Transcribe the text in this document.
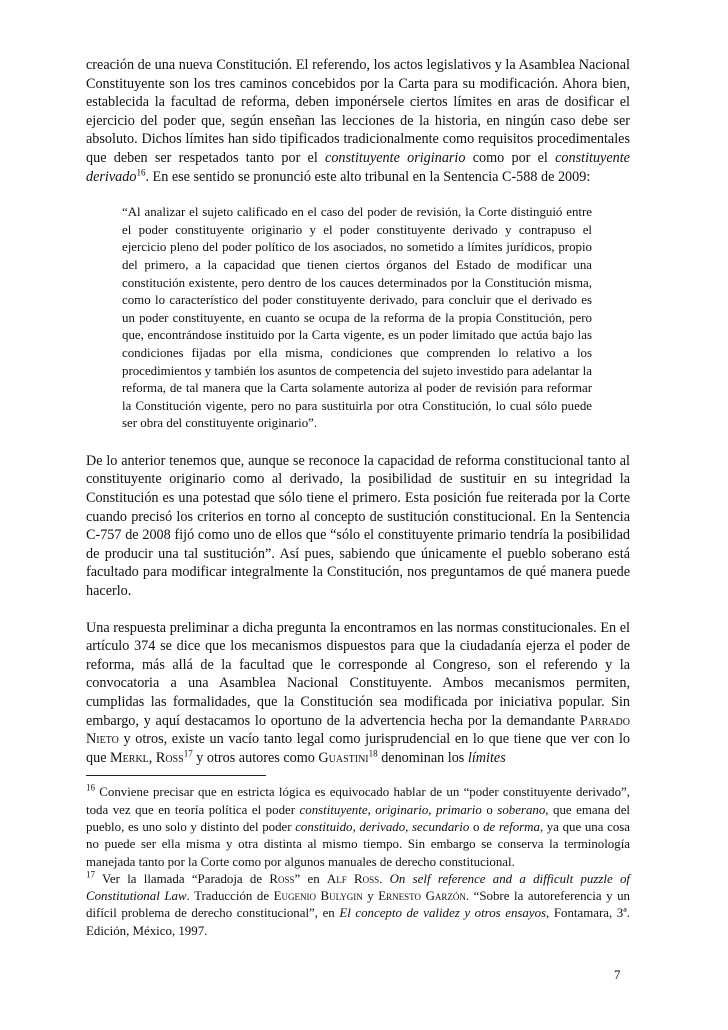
creación de una nueva Constitución. El referendo, los actos legislativos y la Asamblea Nacional Constituyente son los tres caminos concebidos por la Carta para su modificación. Ahora bien, establecida la facultad de reforma, deben imponérsele ciertos límites en aras de dosificar el ejercicio del poder que, según enseñan las lecciones de la historia, en ningún caso debe ser absoluto. Dichos límites han sido tipificados tradicionalmente como requisitos procedimentales que deben ser respetados tanto por el constituyente originario como por el constituyente derivado$^{16}$. En ese sentido se pronunció este alto tribunal en la Sentencia C-588 de 2009:

“Al analizar el sujeto calificado en el caso del poder de revisión, la Corte distinguió entre el poder constituyente originario y el poder constituyente derivado y contrapuso el ejercicio pleno del poder político de los asociados, no sometido a límites jurídicos, propio del primero, a la capacidad que tienen ciertos órganos del Estado de modificar una constitución existente, pero dentro de los cauces determinados por la Constitución misma, como lo característico del poder constituyente derivado, para concluir que el derivado es un poder constituyente, en cuanto se ocupa de la reforma de la propia Constitución, pero que, encontrándose instituido por la Carta vigente, es un poder limitado que actúa bajo las condiciones fijadas por ella misma, condiciones que comprenden lo relativo a los procedimientos y también los asuntos de competencia del sujeto investido para adelantar la reforma, de tal manera que la Carta solamente autoriza al poder de revisión para reformar la Constitución vigente, pero no para sustituirla por otra Constitución, lo cual sólo puede ser obra del constituyente originario”.

De lo anterior tenemos que, aunque se reconoce la capacidad de reforma constitucional tanto al constituyente originario como al derivado, la posibilidad de sustituir en su integridad la Constitución es una potestad que sólo tiene el primero. Esta posición fue reiterada por la Corte cuando precisó los criterios en torno al concepto de sustitución constitucional. En la Sentencia C-757 de 2008 fijó como uno de ellos que “sólo el constituyente primario tendría la posibilidad de producir una tal sustitución”. Así pues, sabiendo que únicamente el pueblo soberano está facultado para modificar integralmente la Constitución, nos preguntamos de qué manera puede hacerlo.

Una respuesta preliminar a dicha pregunta la encontramos en las normas constitucionales. En el artículo 374 se dice que los mecanismos dispuestos para que la ciudadanía ejerza el poder de reforma, más allá de la facultad que le corresponde al Congreso, son el referendo y la convocatoria a una Asamblea Nacional Constituyente. Ambos mecanismos permiten, cumplidas las formalidades, que la Constitución sea modificada por iniciativa popular. Sin embargo, y aquí destacamos lo oportuno de la advertencia hecha por la demandante Parrado Nieto y otros, existe un vacío tanto legal como jurisprudencial en lo que tiene que ver con lo que Merkl, Ross$^{17}$ y otros autores como Guastini$^{18}$ denominan los límites

$^{16}$ Conviene precisar que en estricta lógica es equivocado hablar de un “poder constituyente derivado”, toda vez que en teoría política el poder constituyente, originario, primario o soberano, que emana del pueblo, es uno solo y distinto del poder constituido, derivado, secundario o de reforma, ya que una cosa no puede ser ella misma y otra distinta al mismo tiempo. Sin embargo se conserva la terminología manejada tanto por la Corte como por algunos manuales de derecho constitucional.

$^{17}$ Ver la llamada “Paradoja de Ross” en Alf Ross. On self reference and a difficult puzzle of Constitutional Law. Traducción de Eugenio Bulygin y Ernesto Garzón. “Sobre la autoreferencia y un difícil problema de derecho constitucional”, en El concepto de validez y otros ensayos, Fontamara, 3ª. Edición, México, 1997.

7
